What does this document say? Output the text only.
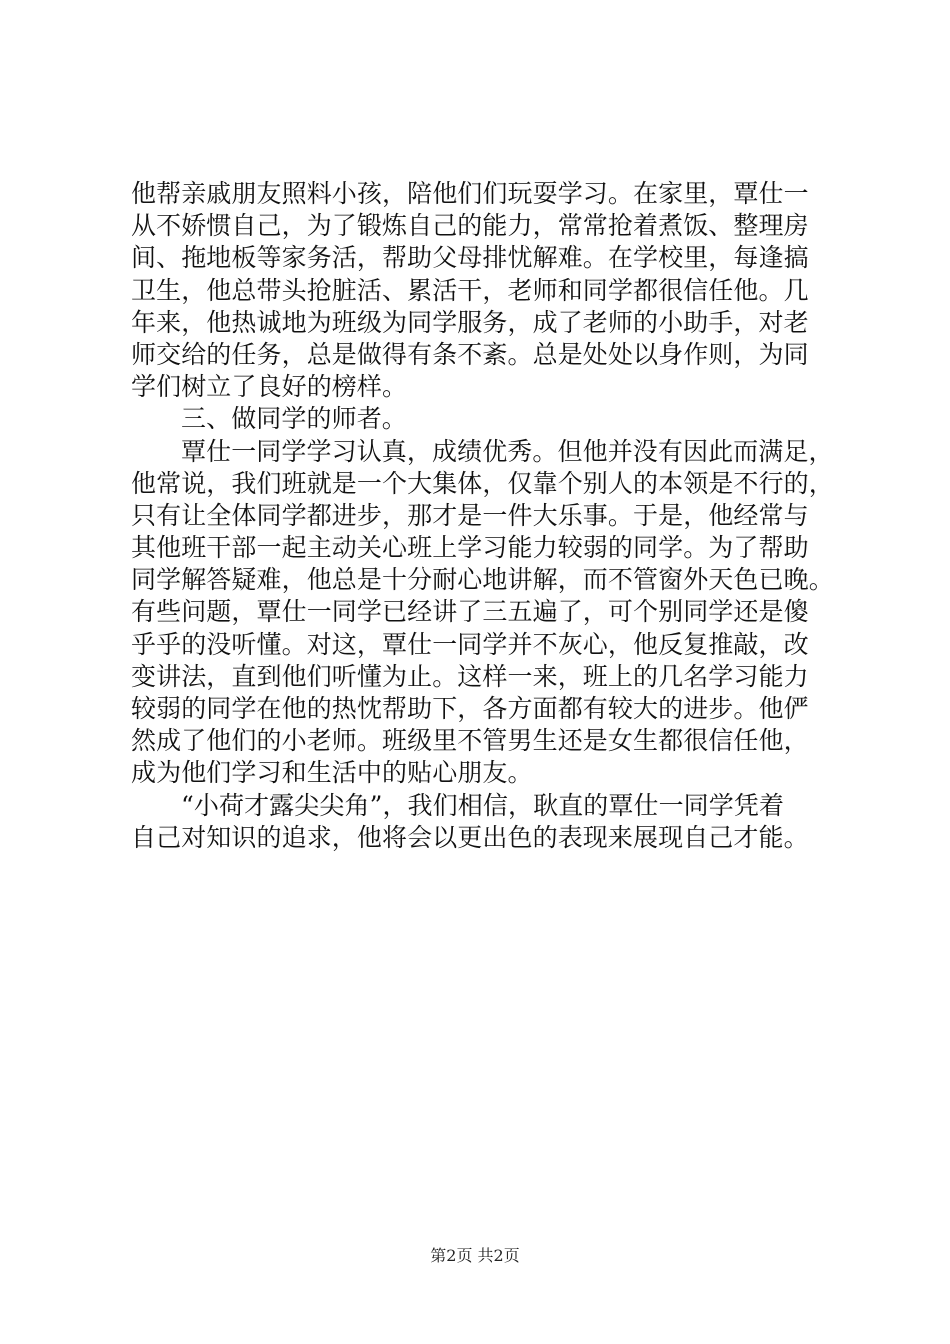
他帮亲戚朋友照料小孩，陪他们们玩耍学习。在家里，覃仕一
从不娇惯自己，为了锻炼自己的能力，常常抢着煮饭、整理房
间、拖地板等家务活，帮助父母排忧解难。在学校里，每逢搞
卫生，他总带头抢脏活、累活干，老师和同学都很信任他。几
年来，他热诚地为班级为同学服务，成了老师的小助手，对老
师交给的任务，总是做得有条不紊。总是处处以身作则，为同
学们树立了良好的榜样。
三、做同学的师者。
覃仕一同学学习认真，成绩优秀。但他并没有因此而满足，
他常说，我们班就是一个大集体，仅靠个别人的本领是不行的，
只有让全体同学都进步，那才是一件大乐事。于是，他经常与
其他班干部一起主动关心班上学习能力较弱的同学。为了帮助
同学解答疑难，他总是十分耐心地讲解，而不管窗外天色已晚。
有些问题，覃仕一同学已经讲了三五遍了，可个别同学还是傻
乎乎的没听懂。对这，覃仕一同学并不灰心，他反复推敲，改
变讲法，直到他们听懂为止。这样一来，班上的几名学习能力
较弱的同学在他的热忱帮助下，各方面都有较大的进步。他俨
然成了他们的小老师。班级里不管男生还是女生都很信任他，
成为他们学习和生活中的贴心朋友。
“小荷才露尖尖角”，我们相信，耿直的覃仕一同学凭着
自己对知识的追求，他将会以更出色的表现来展现自己才能。
第2页 共2页
